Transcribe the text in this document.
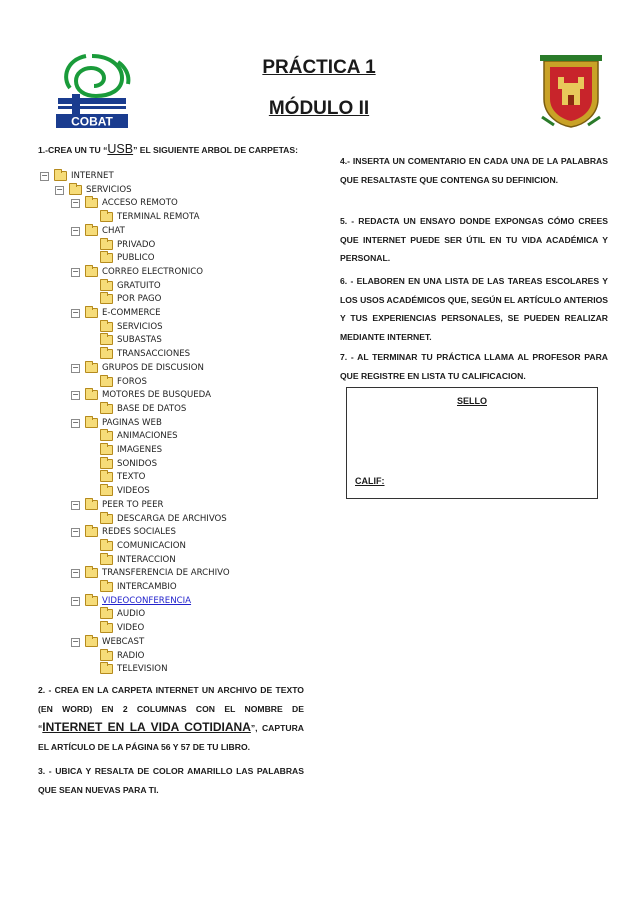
COBAT
PRÁCTICA 1
MÓDULO II
1.-CREA UN TU “USB” EL SIGUIENTE ARBOL DE CARPETAS:
−	INTERNET
−	SERVICIOS
−	ACCESO REMOTO
TERMINAL REMOTA
−	CHAT
PRIVADO
PUBLICO
−	CORREO ELECTRONICO
GRATUITO
POR PAGO
−	E-COMMERCE
SERVICIOS
SUBASTAS
TRANSACCIONES
−	GRUPOS DE DISCUSION
FOROS
−	MOTORES DE BUSQUEDA
BASE DE DATOS
−	PAGINAS WEB
ANIMACIONES
IMAGENES
SONIDOS
TEXTO
VIDEOS
−	PEER TO PEER
DESCARGA DE ARCHIVOS
−	REDES SOCIALES
COMUNICACION
INTERACCION
−	TRANSFERENCIA DE ARCHIVO
INTERCAMBIO
−	VIDEOCONFERENCIA
AUDIO
VIDEO
−	WEBCAST
RADIO
TELEVISION
2. - CREA EN LA CARPETA INTERNET UN ARCHIVO DE TEXTO (EN WORD) EN 2 COLUMNAS CON EL NOMBRE DE “INTERNET EN LA VIDA COTIDIANA”, CAPTURA EL ARTÍCULO DE LA PÁGINA 56 Y 57 DE TU LIBRO.
3. - UBICA Y RESALTA DE COLOR AMARILLO LAS PALABRAS QUE SEAN NUEVAS PARA TI.
4.- INSERTA UN COMENTARIO EN CADA UNA DE LA PALABRAS QUE RESALTASTE QUE CONTENGA SU DEFINICION.
5. - REDACTA UN ENSAYO DONDE EXPONGAS CÓMO CREES QUE INTERNET PUEDE SER ÚTIL EN TU VIDA ACADÉMICA Y PERSONAL.
6. - ELABOREN EN UNA LISTA DE LAS TAREAS ESCOLARES Y LOS USOS ACADÉMICOS QUE, SEGÚN EL ARTÍCULO ANTERIOS Y TUS EXPERIENCIAS PERSONALES, SE PUEDEN REALIZAR MEDIANTE INTERNET.
7. - AL TERMINAR TU PRÁCTICA LLAMA AL PROFESOR PARA QUE REGISTRE EN LISTA TU CALIFICACION.
SELLO
CALIF:
